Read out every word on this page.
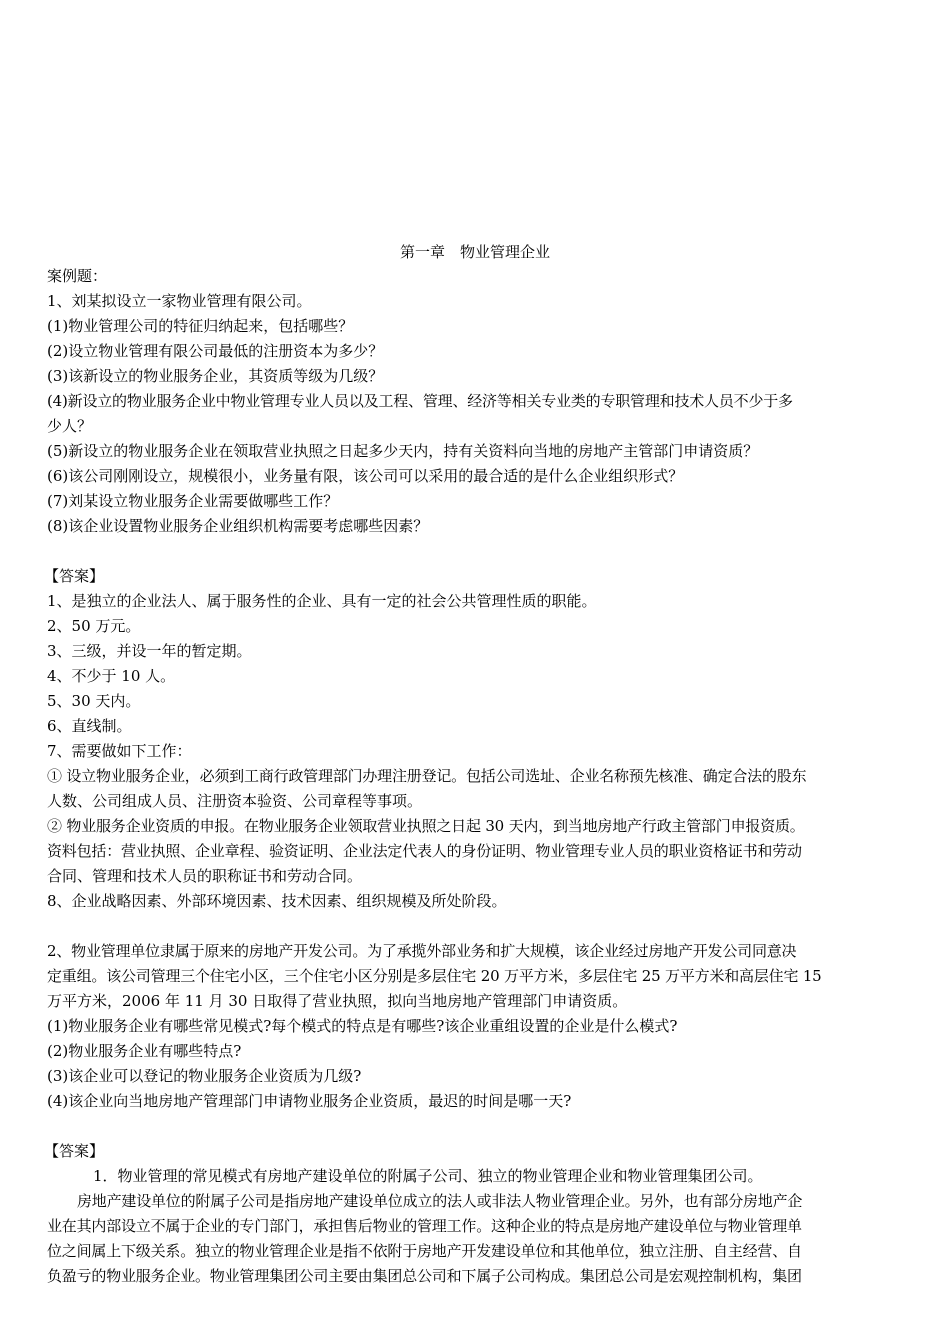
第一章　物业管理企业
案例题：
1、刘某拟设立一家物业管理有限公司。
(1)物业管理公司的特征归纳起来，包括哪些？
(2)设立物业管理有限公司最低的注册资本为多少？
(3)该新设立的物业服务企业，其资质等级为几级？
(4)新设立的物业服务企业中物业管理专业人员以及工程、管理、经济等相关专业类的专职管理和技术人员不少于多
少人？
(5)新设立的物业服务企业在领取营业执照之日起多少天内，持有关资料向当地的房地产主管部门申请资质？
(6)该公司刚刚设立，规模很小，业务量有限，该公司可以采用的最合适的是什么企业组织形式？
(7)刘某设立物业服务企业需要做哪些工作？
(8)该企业设置物业服务企业组织机构需要考虑哪些因素？
【答案】
1、是独立的企业法人、属于服务性的企业、具有一定的社会公共管理性质的职能。
2、50 万元。
3、三级，并设一年的暂定期。
4、不少于 10 人。
5、30 天内。
6、直线制。
7、需要做如下工作：
① 设立物业服务企业，必须到工商行政管理部门办理注册登记。包括公司选址、企业名称预先核准、确定合法的股东
人数、公司组成人员、注册资本验资、公司章程等事项。
② 物业服务企业资质的申报。在物业服务企业领取营业执照之日起 30 天内，到当地房地产行政主管部门申报资质。
资料包括：营业执照、企业章程、验资证明、企业法定代表人的身份证明、物业管理专业人员的职业资格证书和劳动
合同、管理和技术人员的职称证书和劳动合同。
8、企业战略因素、外部环境因素、技术因素、组织规模及所处阶段。
2、物业管理单位隶属于原来的房地产开发公司。为了承揽外部业务和扩大规模，该企业经过房地产开发公司同意决
定重组。该公司管理三个住宅小区，三个住宅小区分别是多层住宅 20 万平方米，多层住宅 25 万平方米和高层住宅 15
万平方米，2006 年 11 月 30 日取得了营业执照，拟向当地房地产管理部门申请资质。
(1)物业服务企业有哪些常见模式?每个模式的特点是有哪些?该企业重组设置的企业是什么模式?
(2)物业服务企业有哪些特点?
(3)该企业可以登记的物业服务企业资质为几级?
(4)该企业向当地房地产管理部门申请物业服务企业资质，最迟的时间是哪一天?
【答案】
1．物业管理的常见模式有房地产建设单位的附属子公司、独立的物业管理企业和物业管理集团公司。
房地产建设单位的附属子公司是指房地产建设单位成立的法人或非法人物业管理企业。另外，也有部分房地产企
业在其内部设立不属于企业的专门部门，承担售后物业的管理工作。这种企业的特点是房地产建设单位与物业管理单
位之间属上下级关系。独立的物业管理企业是指不依附于房地产开发建设单位和其他单位，独立注册、自主经营、自
负盈亏的物业服务企业。物业管理集团公司主要由集团总公司和下属子公司构成。集团总公司是宏观控制机构，集团
